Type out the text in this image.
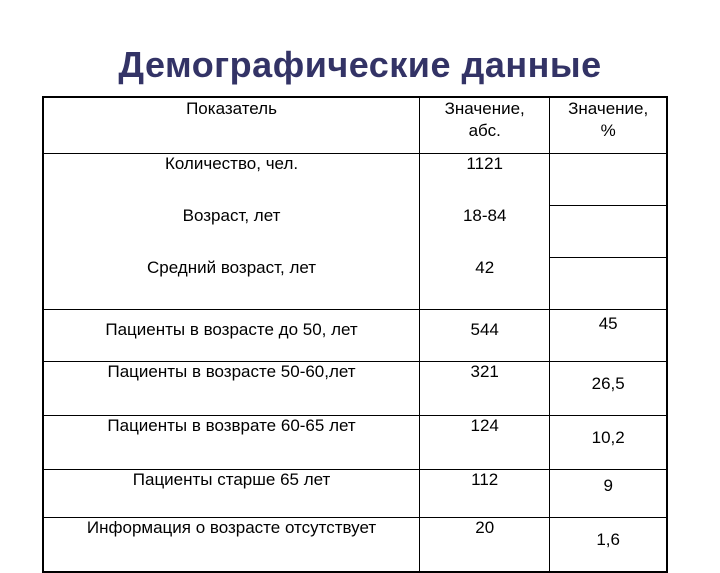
Демографические данные
Показатель	Значение, абс.	Значение, %

Количество, чел.	1121	
Возраст, лет	18-84	
Средний возраст, лет	42	
Пациенты в возрасте до 50, лет	544	45
Пациенты в возрасте 50-60,лет	321	26,5
Пациенты в возврате 60-65 лет	124	10,2
Пациенты старше 65 лет	112	9
Информация о возрасте отсутствует	20	1,6
